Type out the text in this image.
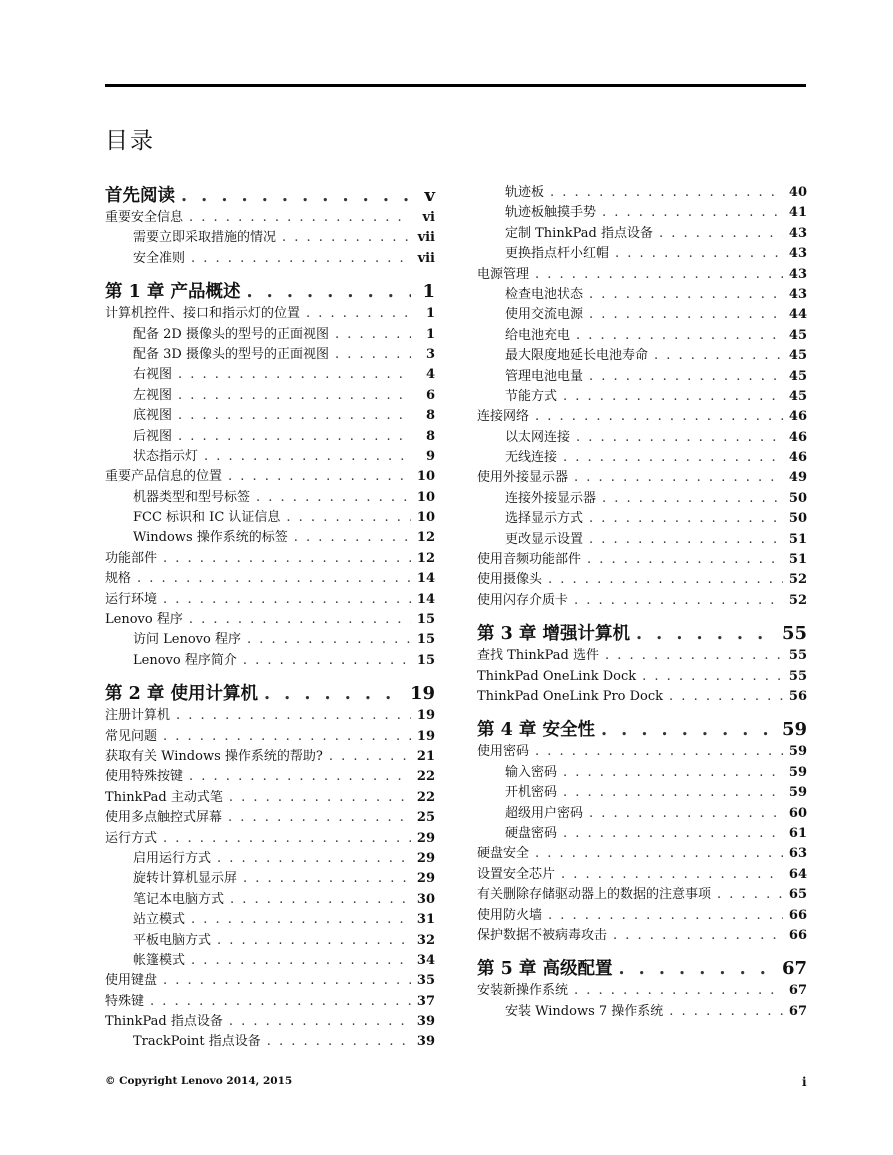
目录
首先阅读 . . .	v
重要安全信息 . . .	vi
需要立即采取措施的情况 . . .	vii
安全准则 . . .	vii
第 1 章 产品概述 . . .	1
计算机控件、接口和指示灯的位置 . . .	1
配备 2D 摄像头的型号的正面视图 . . .	1
配备 3D 摄像头的型号的正面视图 . . .	3
右视图 . . .	4
左视图 . . .	6
底视图 . . .	8
后视图 . . .	8
状态指示灯 . . .	9
重要产品信息的位置 . . .	10
机器类型和型号标签 . . .	10
FCC 标识和 IC 认证信息 . . .	10
Windows 操作系统的标签 . . .	12
功能部件 . . .	12
规格 . . .	14
运行环境 . . .	14
Lenovo 程序 . . .	15
访问 Lenovo 程序 . . .	15
Lenovo 程序简介 . . .	15
第 2 章 使用计算机 . . .	19
注册计算机 . . .	19
常见问题 . . .	19
获取有关 Windows 操作系统的帮助? . . .	21
使用特殊按键 . . .	22
ThinkPad 主动式笔 . . .	22
使用多点触控式屏幕 . . .	25
运行方式 . . .	29
启用运行方式 . . .	29
旋转计算机显示屏 . . .	29
笔记本电脑方式 . . .	30
站立模式 . . .	31
平板电脑方式 . . .	32
帐篷模式 . . .	34
使用键盘 . . .	35
特殊键 . . .	37
ThinkPad 指点设备 . . .	39
TrackPoint 指点设备 . . .	39
轨迹板 . . .	40
轨迹板触摸手势 . . .	41
定制 ThinkPad 指点设备 . . .	43
更换指点杆小红帽 . . .	43
电源管理 . . .	43
检查电池状态 . . .	43
使用交流电源 . . .	44
给电池充电 . . .	45
最大限度地延长电池寿命 . . .	45
管理电池电量 . . .	45
节能方式 . . .	45
连接网络 . . .	46
以太网连接 . . .	46
无线连接 . . .	46
使用外接显示器 . . .	49
连接外接显示器 . . .	50
选择显示方式 . . .	50
更改显示设置 . . .	51
使用音频功能部件 . . .	51
使用摄像头 . . .	52
使用闪存介质卡 . . .	52
第 3 章 增强计算机 . . .	55
查找 ThinkPad 选件 . . .	55
ThinkPad OneLink Dock . . .	55
ThinkPad OneLink Pro Dock . . .	56
第 4 章 安全性 . . .	59
使用密码 . . .	59
输入密码 . . .	59
开机密码 . . .	59
超级用户密码 . . .	60
硬盘密码 . . .	61
硬盘安全 . . .	63
设置安全芯片 . . .	64
有关删除存储驱动器上的数据的注意事项 . . .	65
使用防火墙 . . .	66
保护数据不被病毒攻击 . . .	66
第 5 章 高级配置 . . .	67
安装新操作系统 . . .	67
安装 Windows 7 操作系统 . . .	67
© Copyright Lenovo 2014, 2015	i
